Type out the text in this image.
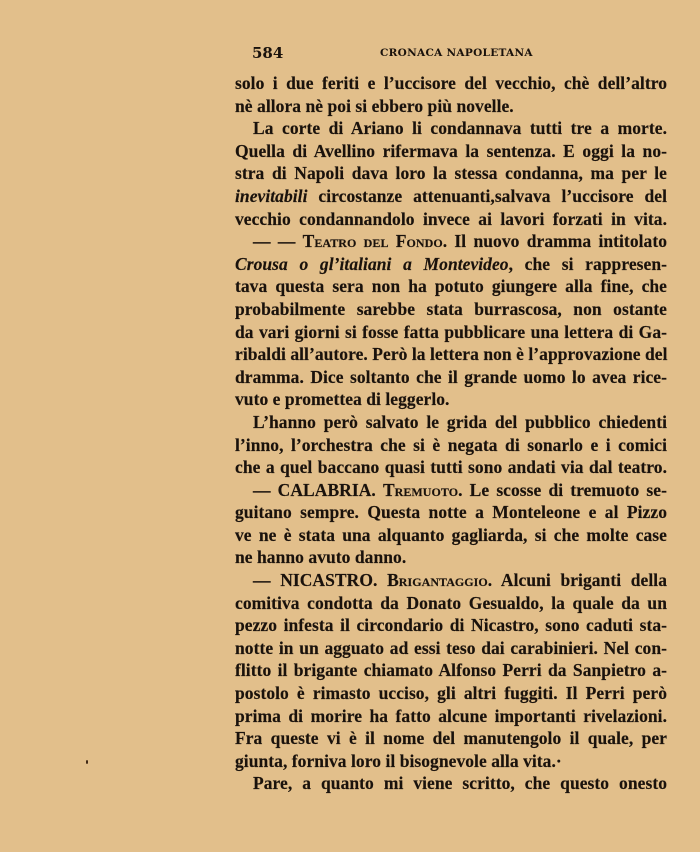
584	CRONACA NAPOLETANA
solo i due feriti e l’uccisore del vecchio, chè dell’altro
nè allora nè poi si ebbero più novelle.
La corte di Ariano li condannava tutti tre a morte.
Quella di Avellino rifermava la sentenza. E oggi la no-
stra di Napoli dava loro la stessa condanna, ma per le
inevitabili circostanze attenuanti,salvava l’uccisore del
vecchio condannandolo invece ai lavori forzati in vita.
— — Teatro del Fondo. Il nuovo dramma intitolato
Crousa o gl’italiani a Montevideo, che si rappresen-
tava questa sera non ha potuto giungere alla fine, che
probabilmente sarebbe stata burrascosa, non ostante
da vari giorni si fosse fatta pubblicare una lettera di Ga-
ribaldi all’autore. Però la lettera non è l’approvazione del
dramma. Dice soltanto che il grande uomo lo avea rice-
vuto e promettea di leggerlo.
L’hanno però salvato le grida del pubblico chiedenti
l’inno, l’orchestra che si è negata di sonarlo e i comici
che a quel baccano quasi tutti sono andati via dal teatro.
— CALABRIA. Tremuoto. Le scosse di tremuoto se-
guitano sempre. Questa notte a Monteleone e al Pizzo
ve ne è stata una alquanto gagliarda, si che molte case
ne hanno avuto danno.
— NICASTRO. Brigantaggio. Alcuni briganti della
comitiva condotta da Donato Gesualdo, la quale da un
pezzo infesta il circondario di Nicastro, sono caduti sta-
notte in un agguato ad essi teso dai carabinieri. Nel con-
flitto il brigante chiamato Alfonso Perri da Sanpietro a-
postolo è rimasto ucciso, gli altri fuggiti. Il Perri però
prima di morire ha fatto alcune importanti rivelazioni.
Fra queste vi è il nome del manutengolo il quale, per
giunta, forniva loro il bisognevole alla vita.·
Pare, a quanto mi viene scritto, che questo onesto
